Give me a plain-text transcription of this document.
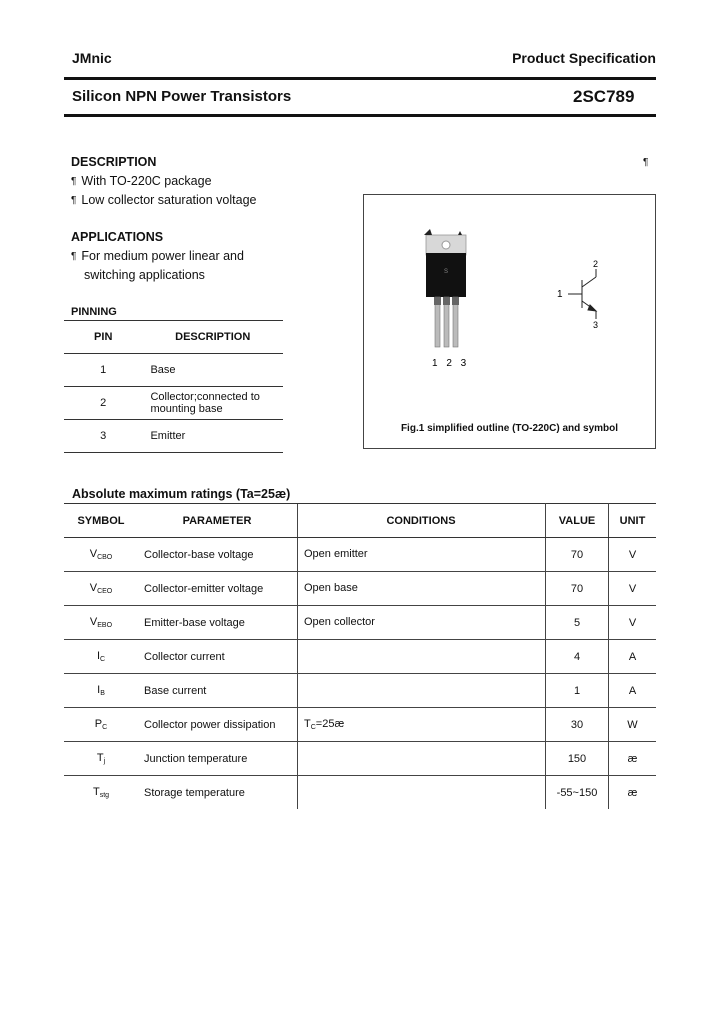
JMnic	Product Specification
Silicon NPN Power Transistors	2SC789
DESCRIPTION
¶ With TO-220C package
¶ Low collector saturation voltage
¶
APPLICATIONS
¶ For medium power linear and
switching applications
PINNING
PIN	DESCRIPTION
1	Base
2	Collector;connected to mounting base
3	Emitter
S
1 2 3
1
2
3
Fig.1 simplified outline (TO-220C) and symbol
Absolute maximum ratings (Ta=25æ)
SYMBOL	PARAMETER	CONDITIONS	VALUE	UNIT
$V_{CBO}$	Collector-base voltage	Open emitter	70	V
$V_{CEO}$	Collector-emitter voltage	Open base	70	V
$V_{EBO}$	Emitter-base voltage	Open collector	5	V
$I_C$	Collector current		4	A
$I_B$	Base current		1	A
$P_C$	Collector power dissipation	$T_C=25æ$	30	W
$T_j$	Junction temperature		150	æ
$T_{stg}$	Storage temperature		-55~150	æ
